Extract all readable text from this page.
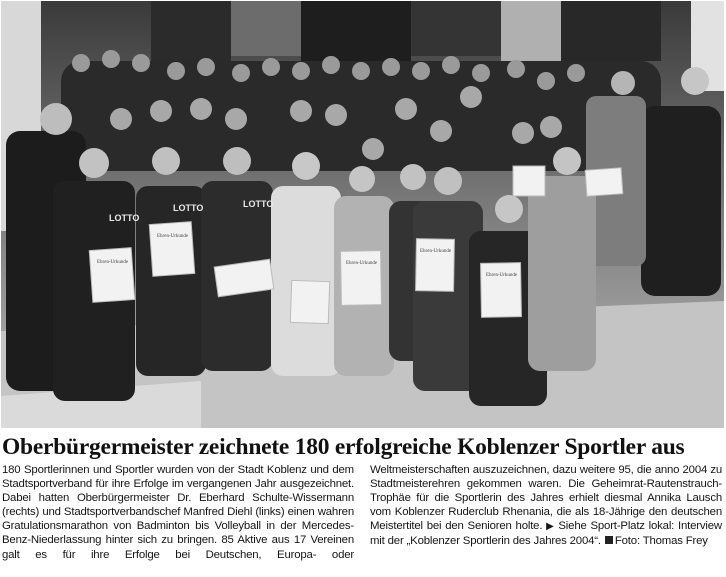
LOTTO
LOTTO	LOTTO
Ehren-Urkunde
Ehren-Urkunde
Ehren-Urkunde
Ehren-Urkunde
Ehren-Urkunde
Oberbürgermeister zeichnete 180 erfolgreiche Koblenzer Sportler aus

180 Sportlerinnen und Sportler wurden von der Stadt Koblenz und dem Stadtsportverband für ihre Erfolge im vergangenen Jahr ausgezeichnet. Dabei hatten Oberbürgermeister Dr. Eberhard Schulte-Wissermann (rechts) und Stadtsportverbandschef Manfred Diehl (links) einen wahren Gratulationsmarathon von Badminton bis Volleyball in der Mercedes-Benz-Niederlassung hinter sich zu bringen. 85 Aktive aus 17 Vereinen galt es für ihre Erfolge bei Deutschen, Europa- oder Weltmeisterschaften auszuzeichnen, dazu weitere 95, die anno 2004 zu Stadtmeisterehren gekommen waren. Die Geheimrat-Rautenstrauch-Trophäe für die Sportlerin des Jahres erhielt diesmal Annika Lausch vom Koblenzer Ruderclub Rhenania, die als 18-Jährige den deutschen Meistertitel bei den Senioren holte. ▶ Siehe Sport-Platz lokal: Interview mit der „Koblenzer Sportlerin des Jahres 2004“. Foto: Thomas Frey
